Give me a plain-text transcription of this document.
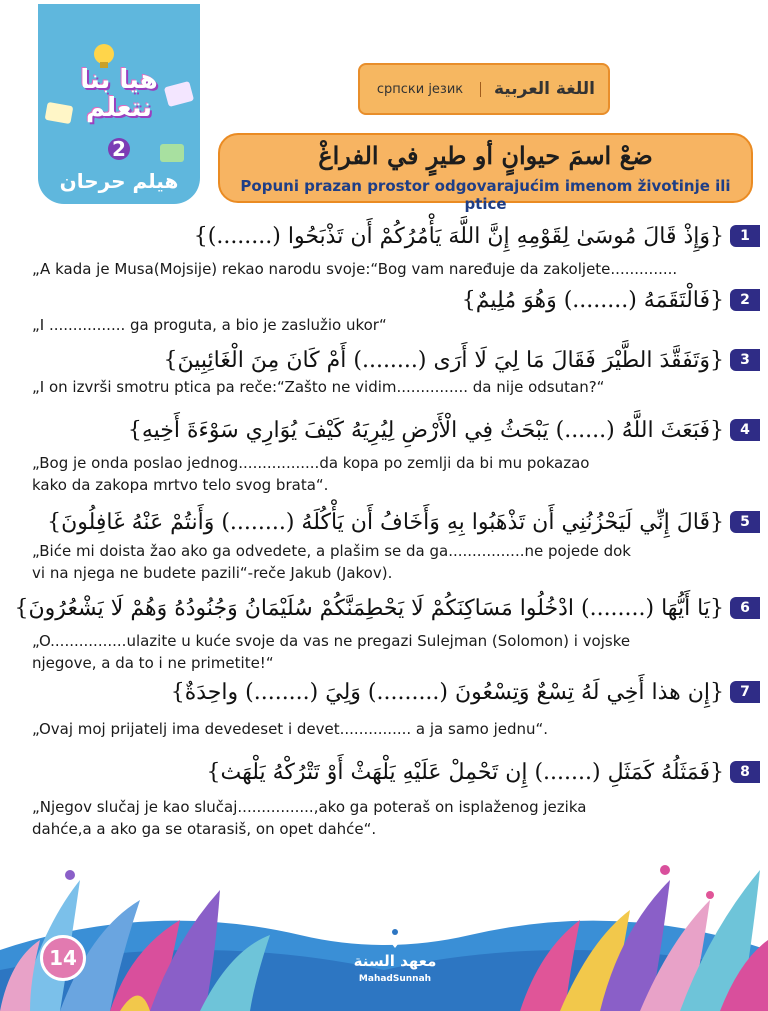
هيا بنا
نتعلم
2
هيلم حرحان
српски језик	اللغة العربية
ضعْ اسمَ حيوانٍ أو طيرٍ في الفراغْ
Popuni prazan prostor odgovarajućim imenom životinje ili ptice
{وَإِذْ قَالَ مُوسَىٰ لِقَوْمِهِ إِنَّ اللَّهَ يَأْمُرُكُمْ أَن تَذْبَحُوا (........)}	1
„A kada je Musa(Mojsije) rekao narodu svoje:“Bog vam naređuje da zakoljete..............
{فَالْتَقَمَهُ (........) وَهُوَ مُلِيمٌ}	2
„I ................ ga proguta, a bio je zaslužio ukor“
{وَتَفَقَّدَ الطَّيْرَ فَقَالَ مَا لِيَ لَا أَرَى (........) أَمْ كَانَ مِنَ الْغَائِبِينَ}	3
„I on izvrši smotru ptica pa reče:“Zašto ne vidim............... da nije odsutan?“
{فَبَعَثَ اللَّهُ (......) يَبْحَثُ فِي الْأَرْضِ لِيُرِيَهُ كَيْفَ يُوَارِي سَوْءَةَ أَخِيهِ}	4
„Bog je onda poslao jednog.................da kopa po zemlji da bi mu pokazao
kako da zakopa mrtvo telo svog brata“.
{قَالَ إِنِّي لَيَحْزُنُنِي أَن تَذْهَبُوا بِهِ وَأَخَافُ أَن يَأْكُلَهُ (........) وَأَنتُمْ عَنْهُ غَافِلُونَ}	5
„Biće mi doista žao ako ga odvedete, a plašim se da ga................ne pojede dok
vi na njega ne budete pazili“-reče Jakub (Jakov).
{يَا أَيُّهَا (........) ادْخُلُوا مَسَاكِنَكُمْ لَا يَحْطِمَنَّكُمْ سُلَيْمَانُ وَجُنُودُهُ وَهُمْ لَا يَشْعُرُونَ}	6
„O................ulazite u kuće svoje da vas ne pregazi Sulejman (Solomon) i vojske
njegove, a da to i ne primetite!“
{إِن هذا أَخِي لَهُ تِسْعٌ وَتِسْعُونَ (.........) وَلِيَ (........) واحِدَةٌ}	7
„Ovaj moj prijatelj ima devedeset i devet............... a ja samo jednu“.
{فَمَثَلُهُ كَمَثَلِ (.......) إِن تَحْمِلْ عَلَيْهِ يَلْهَثْ أَوْ تَتْرُكْهُ يَلْهَث}	8
„Njegov slučaj je kao slučaj................,ako ga poteraš on isplaženog jezika
dahće,a a ako ga se otarasiš, on opet dahće“.
14	معهد السنة
MahadSunnah
